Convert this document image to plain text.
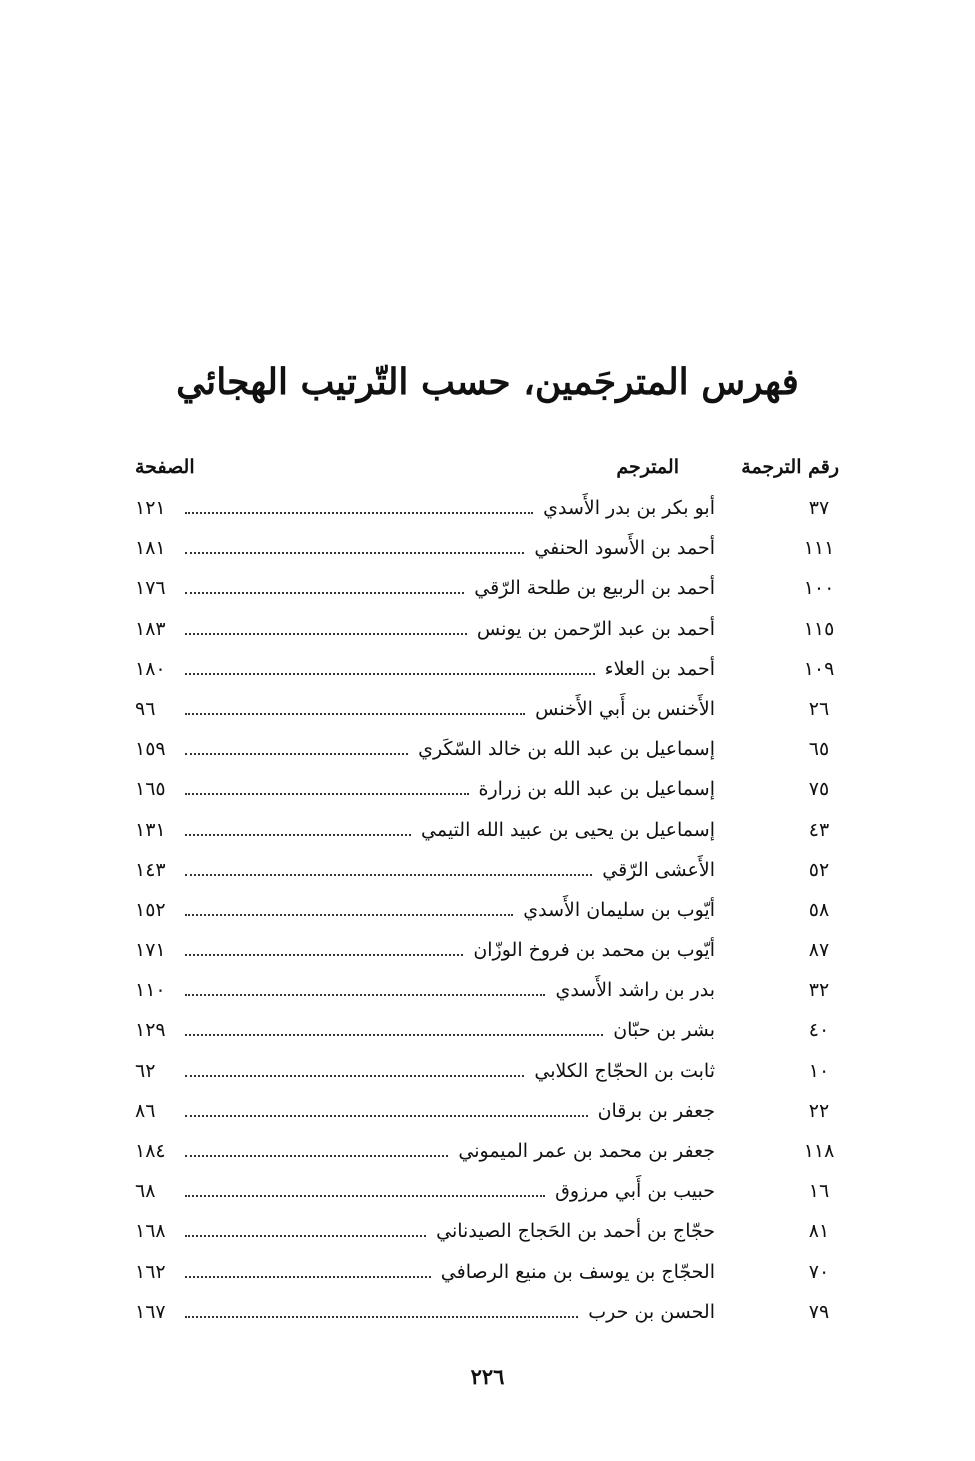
فهرس المترجَمين، حسب التّرتيب الهجائي
رقم الترجمة
المترجم
الصفحة
٣٧
أبو بكر بن بدر الأَسدي
١٢١
١١١
أحمد بن الأَسود الحنفي
١٨١
١٠٠
أحمد بن الربيع بن طلحة الرّقي
١٧٦
١١٥
أحمد بن عبد الرّحمن بن يونس
١٨٣
١٠٩
أحمد بن العلاء
١٨٠
٢٦
الأَخنس بن أَبي الأَخنس
٩٦
٦٥
إسماعيل بن عبد الله بن خالد السّكَري
١٥٩
٧٥
إسماعيل بن عبد الله بن زرارة
١٦٥
٤٣
إسماعيل بن يحيى بن عبيد الله التيمي
١٣١
٥٢
الأَعشى الرّقي
١٤٣
٥٨
أيّوب بن سليمان الأَسدي
١٥٢
٨٧
أيّوب بن محمد بن فروخ الوزّان
١٧١
٣٢
بدر بن راشد الأَسدي
١١٠
٤٠
بشر بن حبّان
١٢٩
١٠
ثابت بن الحجّاج الكلابي
٦٢
٢٢
جعفر بن برقان
٨٦
١١٨
جعفر بن محمد بن عمر الميموني
١٨٤
١٦
حبيب بن أَبي مرزوق
٦٨
٨١
حجّاج بن أحمد بن الحَجاج الصيدناني
١٦٨
٧٠
الحجّاج بن يوسف بن منيع الرصافي
١٦٢
٧٩
الحسن بن حرب
١٦٧
٢٢٦
